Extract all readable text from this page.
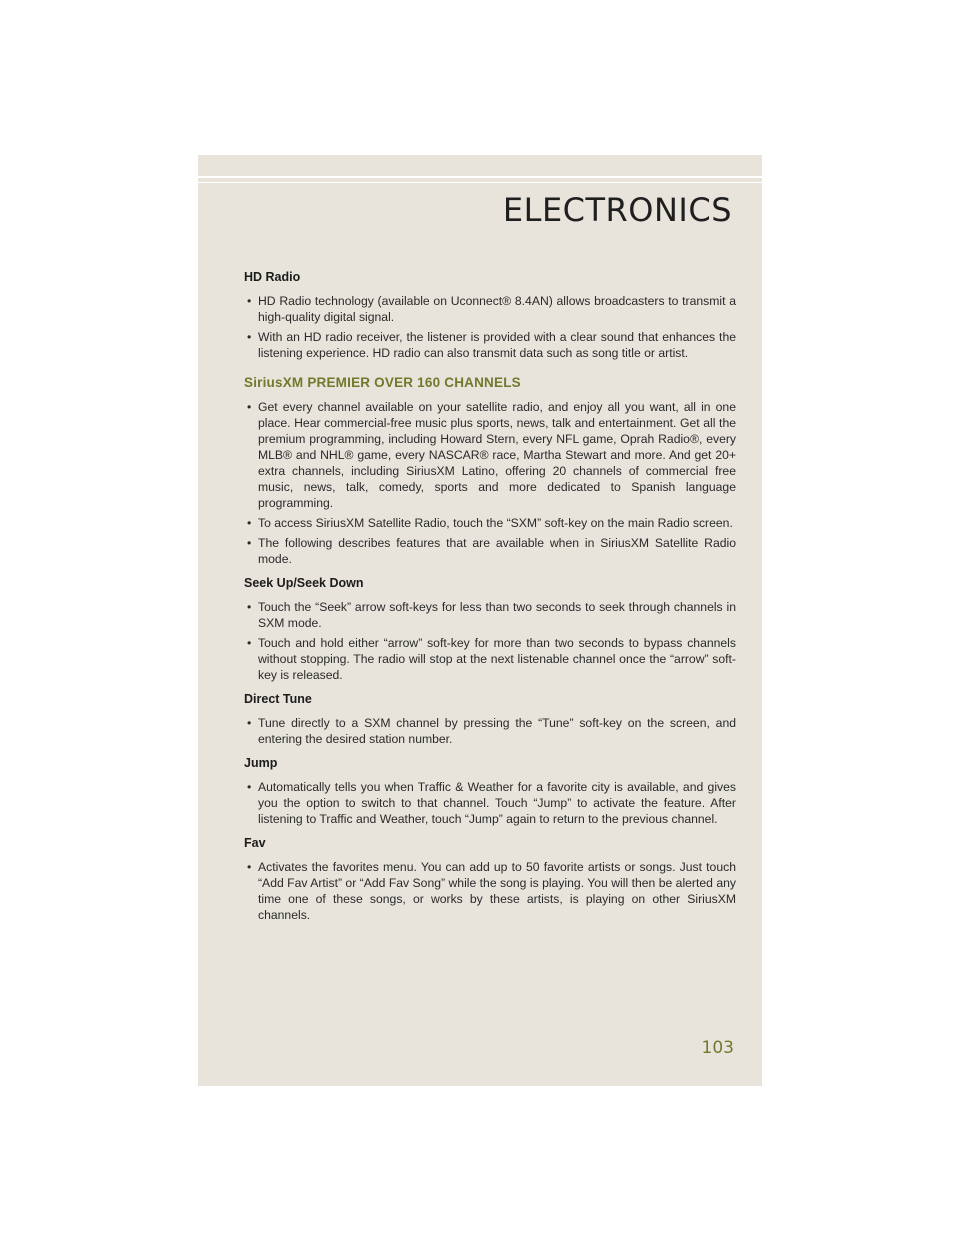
ELECTRONICS
HD Radio
• HD Radio technology (available on Uconnect® 8.4AN) allows broadcasters to transmit a high-quality digital signal.
• With an HD radio receiver, the listener is provided with a clear sound that enhances the listening experience. HD radio can also transmit data such as song title or artist.
SiriusXM PREMIER OVER 160 CHANNELS
• Get every channel available on your satellite radio, and enjoy all you want, all in one place. Hear commercial-free music plus sports, news, talk and entertainment. Get all the premium programming, including Howard Stern, every NFL game, Oprah Radio®, every MLB® and NHL® game, every NASCAR® race, Martha Stewart and more. And get 20+ extra channels, including SiriusXM Latino, offering 20 channels of commercial free music, news, talk, comedy, sports and more dedicated to Spanish language programming.
• To access SiriusXM Satellite Radio, touch the “SXM” soft-key on the main Radio screen.
• The following describes features that are available when in SiriusXM Satellite Radio mode.
Seek Up/Seek Down
• Touch the “Seek” arrow soft-keys for less than two seconds to seek through channels in SXM mode.
• Touch and hold either “arrow” soft-key for more than two seconds to bypass channels without stopping. The radio will stop at the next listenable channel once the “arrow” soft-key is released.
Direct Tune
• Tune directly to a SXM channel by pressing the “Tune” soft-key on the screen, and entering the desired station number.
Jump
• Automatically tells you when Traffic & Weather for a favorite city is available, and gives you the option to switch to that channel. Touch “Jump” to activate the feature. After listening to Traffic and Weather, touch “Jump” again to return to the previous channel.
Fav
• Activates the favorites menu. You can add up to 50 favorite artists or songs. Just touch “Add Fav Artist” or “Add Fav Song” while the song is playing. You will then be alerted any time one of these songs, or works by these artists, is playing on other SiriusXM channels.

103
